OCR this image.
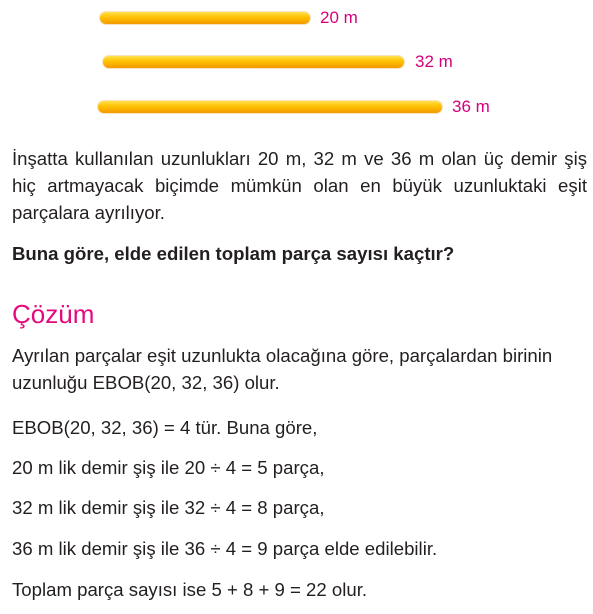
20 m
32 m
36 m
İnşatta kullanılan uzunlukları 20 m, 32 m ve 36 m olan üç demir şiş hiç artmayacak biçimde mümkün olan en büyük uzunluktaki eşit parçalara ayrılıyor.
Buna göre, elde edilen toplam parça sayısı kaçtır?
Çözüm
Ayrılan parçalar eşit uzunlukta olacağına göre, parçalardan birinin uzunluğu EBOB(20, 32, 36) olur.
EBOB(20, 32, 36) = 4 tür. Buna göre,
20 m lik demir şiş ile 20 ÷ 4 = 5 parça,
32 m lik demir şiş ile 32 ÷ 4 = 8 parça,
36 m lik demir şiş ile 36 ÷ 4 = 9 parça elde edilebilir.
Toplam parça sayısı ise 5 + 8 + 9 = 22 olur.
